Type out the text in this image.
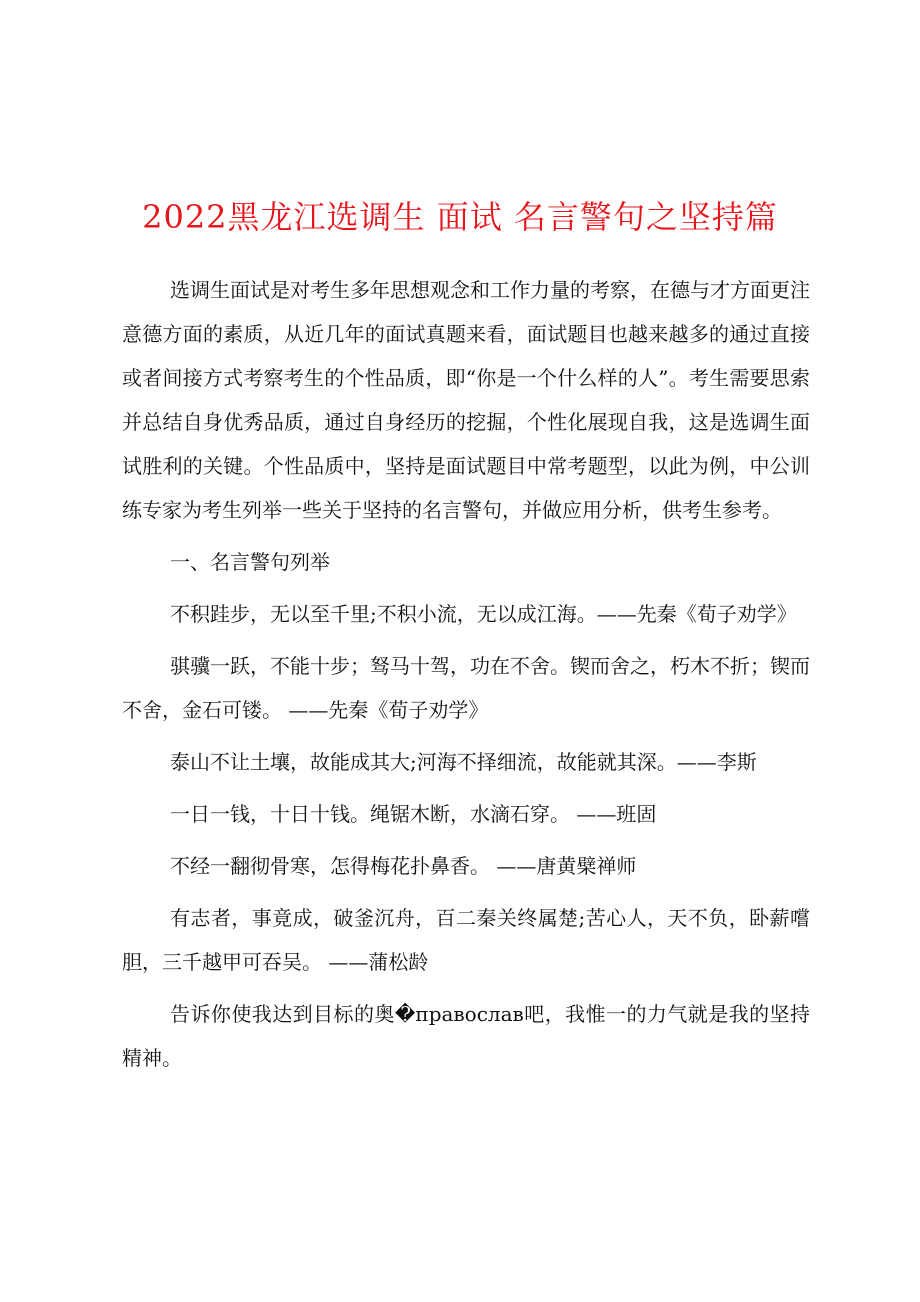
2022黑龙江选调生 面试 名言警句之坚持篇

选调生面试是对考生多年思想观念和工作力量的考察，在德与才方面更注意德方面的素质，从近几年的面试真题来看，面试题目也越来越多的通过直接或者间接方式考察考生的个性品质，即“你是一个什么样的人”。考生需要思索并总结自身优秀品质，通过自身经历的挖掘，个性化展现自我，这是选调生面试胜利的关键。个性品质中，坚持是面试题目中常考题型，以此为例，中公训练专家为考生列举一些关于坚持的名言警句，并做应用分析，供考生参考。

一、名言警句列举

不积跬步，无以至千里;不积小流，无以成江海。——先秦《荀子劝学》

骐骥一跃，不能十步；驽马十驾，功在不舍。锲而舍之，朽木不折；锲而不舍，金石可镂。 ——先秦《荀子劝学》

泰山不让土壤，故能成其大;河海不择细流，故能就其深。——李斯

一日一钱，十日十钱。绳锯木断，水滴石穿。 ——班固

不经一翻彻骨寒，怎得梅花扑鼻香。 ——唐黄檗禅师

有志者，事竟成，破釜沉舟，百二秦关终属楚;苦心人，天不负，卧薪嚐胆，三千越甲可吞吴。 ——蒲松龄

告诉你使我达到目标的奥�православ吧，我惟一的力气就是我的坚持精神。
